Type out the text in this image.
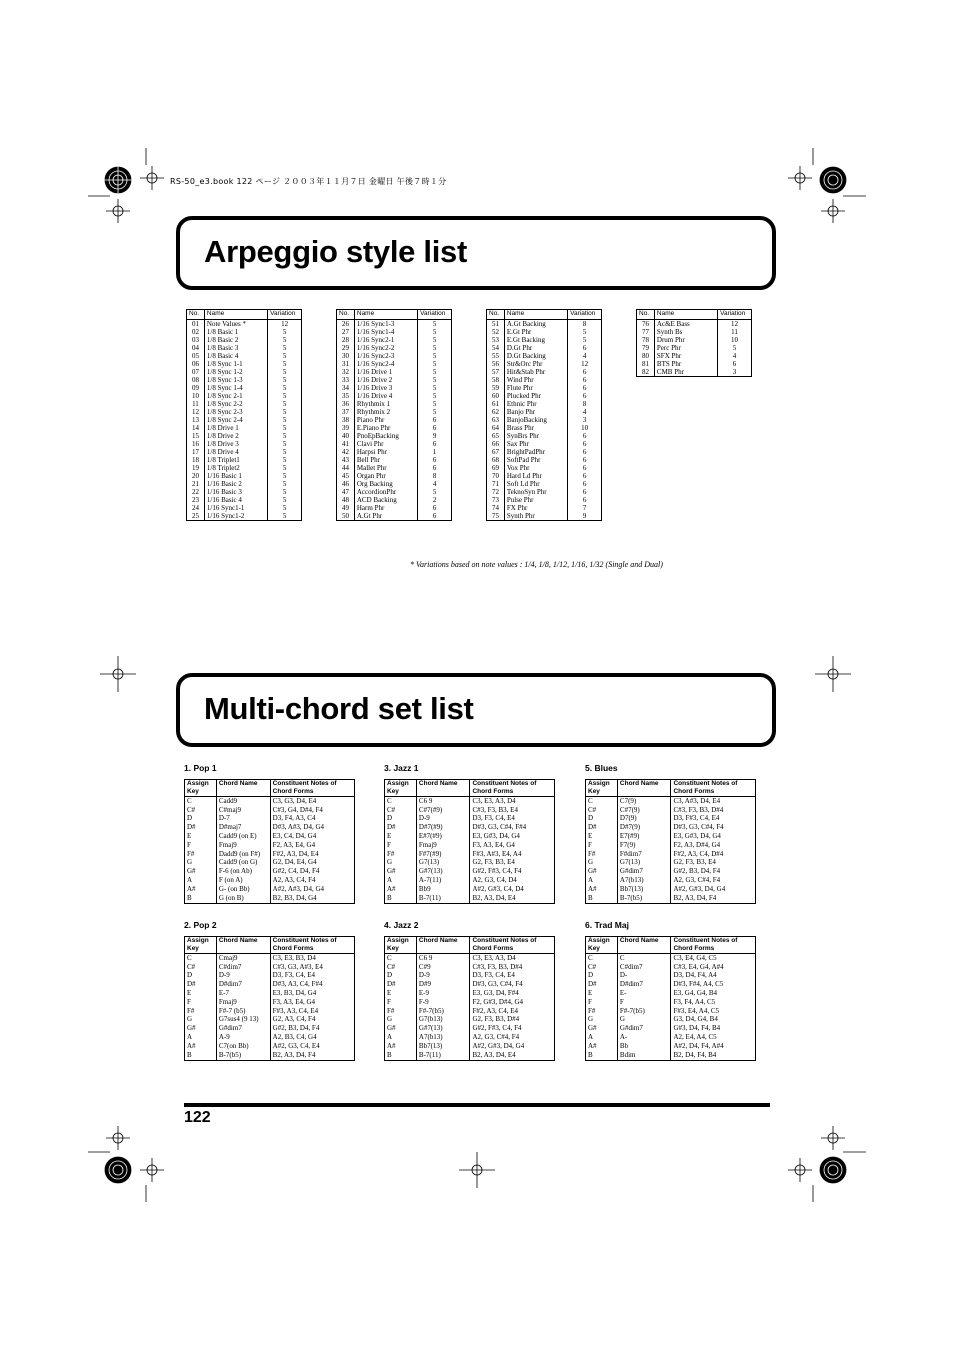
RS-50_e3.book 122 ページ ２００３年１１月７日 金曜日 午後７時１分
Arpeggio style list
No.	Name	Variation
01	Note Values *	12
02	1/8 Basic 1	5
03	1/8 Basic 2	5
04	1/8 Basic 3	5
05	1/8 Basic 4	5
06	1/8 Sync 1-1	5
07	1/8 Sync 1-2	5
08	1/8 Sync 1-3	5
09	1/8 Sync 1-4	5
10	1/8 Sync 2-1	5
11	1/8 Sync 2-2	5
12	1/8 Sync 2-3	5
13	1/8 Sync 2-4	5
14	1/8 Drive 1	5
15	1/8 Drive 2	5
16	1/8 Drive 3	5
17	1/8 Drive 4	5
18	1/8 Triplet1	5
19	1/8 Triplet2	5
20	1/16 Basic 1	5
21	1/16 Basic 2	5
22	1/16 Basic 3	5
23	1/16 Basic 4	5
24	1/16 Sync1-1	5
25	1/16 Sync1-2	5
No.	Name	Variation
26	1/16 Sync1-3	5
27	1/16 Sync1-4	5
28	1/16 Sync2-1	5
29	1/16 Sync2-2	5
30	1/16 Sync2-3	5
31	1/16 Sync2-4	5
32	1/16 Drive 1	5
33	1/16 Drive 2	5
34	1/16 Drive 3	5
35	1/16 Drive 4	5
36	Rhythmix 1	5
37	Rhythmix 2	5
38	Piano Phr	6
39	E.Piano Phr	6
40	PnoEpBacking	9
41	Clavi Phr	6
42	Harpsi Phr	1
43	Bell Phr	6
44	Mallet Phr	6
45	Organ Phr	8
46	Org Backing	4
47	AccordionPhr	5
48	ACD Backing	2
49	Harm Phr	6
50	A.Gt Phr	6
No.	Name	Variation
51	A.Gt Backing	8
52	E.Gt Phr	5
53	E.Gt Backing	5
54	D.Gt Phr	6
55	D.Gt Backing	4
56	Str&Orc Phr	12
57	Hit&Stab Phr	6
58	Wind Phr	6
59	Flute Phr	6
60	Plucked Phr	6
61	Ethnic Phr	8
62	Banjo Phr	4
63	BanjoBacking	3
64	Brass Phr	10
65	SynBrs Phr	6
66	Sax Phr	6
67	BrightPadPhr	6
68	SoftPad Phr	6
69	Vox Phr	6
70	Hard Ld Phr	6
71	Soft Ld Phr	6
72	TeknoSyn Phr	6
73	Pulse Phr	6
74	FX Phr	7
75	Synth Phr	9
No.	Name	Variation
76	Ac&E Bass	12
77	Synth Bs	11
78	Drum Phr	10
79	Perc Phr	5
80	SFX Phr	4
81	BTS Phr	6
82	CMB Phr	3
* Variations based on note values : 1/4, 1/8, 1/12, 1/16, 1/32 (Single and Dual)
Multi-chord set list
1. Pop 1
Assign Key	Chord Name	Constituent Notes of Chord Forms
C	Cadd9	C3, G3, D4, E4
C#	C#maj9	C#3, G4, D#4, F4
D	D-7	D3, F4, A3, C4
D#	D#maj7	D#3, A#3, D4, G4
E	Cadd9 (on E)	E3, C4, D4, G4
F	Fmaj9	F2, A3, E4, G4
F#	Dadd9 (on F#)	F#2, A3, D4, E4
G	Cadd9 (on G)	G2, D4, E4, G4
G#	F-6 (on Ab)	G#2, C4, D4, F4
A	F (on A)	A2, A3, C4, F4
A#	G- (on Bb)	A#2, A#3, D4, G4
B	G (on B)	B2, B3, D4, G4
3. Jazz 1
Assign Key	Chord Name	Constituent Notes of Chord Forms
C	C6 9	C3, E3, A3, D4
C#	C#7(#9)	C#3, F3, B3, E4
D	D-9	D3, F3, C4, E4
D#	D#7(#9)	D#3, G3, C#4, F#4
E	E#7(#9)	E3, G#3, D4, G4
F	Fmaj9	F3, A3, E4, G4
F#	F#7(#9)	F#3, A#3, E4, A4
G	G7(13)	G2, F3, B3, E4
G#	G#7(13)	G#2, F#3, C4, F4
A	A-7(11)	A2, G3, C4, D4
A#	Bb9	A#2, G#3, C4, D4
B	B-7(11)	B2, A3, D4, E4
5. Blues
Assign Key	Chord Name	Constituent Notes of Chord Forms
C	C7(9)	C3, A#3, D4, E4
C#	C#7(9)	C#3, F3, B3, D#4
D	D7(9)	D3, F#3, C4, E4
D#	D#7(9)	D#3, G3, C#4, F4
E	E7(#9)	E3, G#3, D4, G4
F	F7(9)	F2, A3, D#4, G4
F#	F#dim7	F#2, A3, C4, D#4
G	G7(13)	G2, F3, B3, E4
G#	G#dim7	G#2, B3, D4, F4
A	A7(b13)	A2, G3, C#4, F4
A#	Bb7(13)	A#2, G#3, D4, G4
B	B-7(b5)	B2, A3, D4, F4
2. Pop 2
Assign Key	Chord Name	Constituent Notes of Chord Forms
C	Cmaj9	C3, E3, B3, D4
C#	C#dim7	C#3, G3, A#3, E4
D	D-9	D3, F3, C4, E4
D#	D#dim7	D#3, A3, C4, F#4
E	E-7	E3, B3, D4, G4
F	Fmaj9	F3, A3, E4, G4
F#	F#-7 (b5)	F#3, A3, C4, E4
G	G7sus4 (9 13)	G2, A3, C4, F4
G#	G#dim7	G#2, B3, D4, F4
A	A-9	A2, B3, C4, G4
A#	C7(on Bb)	A#2, G3, C4, E4
B	B-7(b5)	B2, A3, D4, F4
4. Jazz 2
Assign Key	Chord Name	Constituent Notes of Chord Forms
C	C6 9	C3, E3, A3, D4
C#	C#9	C#3, F3, B3, D#4
D	D-9	D3, F3, C4, E4
D#	D#9	D#3, G3, C#4, F4
E	E-9	E3, G3, D4, F#4
F	F-9	F2, G#3, D#4, G4
F#	F#-7(b5)	F#2, A3, C4, E4
G	G7(b13)	G2, F3, B3, D#4
G#	G#7(13)	G#2, F#3, C4, F4
A	A7(b13)	A2, G3, C#4, F4
A#	Bb7(13)	A#2, G#3, D4, G4
B	B-7(11)	B2, A3, D4, E4
6. Trad Maj
Assign Key	Chord Name	Constituent Notes of Chord Forms
C	C	C3, E4, G4, C5
C#	C#dim7	C#3, E4, G4, A#4
D	D-	D3, D4, F4, A4
D#	D#dim7	D#3, F#4, A4, C5
E	E-	E3, G4, G4, B4
F	F	F3, F4, A4, C5
F#	F#-7(b5)	F#3, E4, A4, C5
G	G	G3, D4, G4, B4
G#	G#dim7	G#3, D4, F4, B4
A	A-	A2, E4, A4, C5
A#	Bb	A#2, D4, F4, A#4
B	Bdim	B2, D4, F4, B4
122
